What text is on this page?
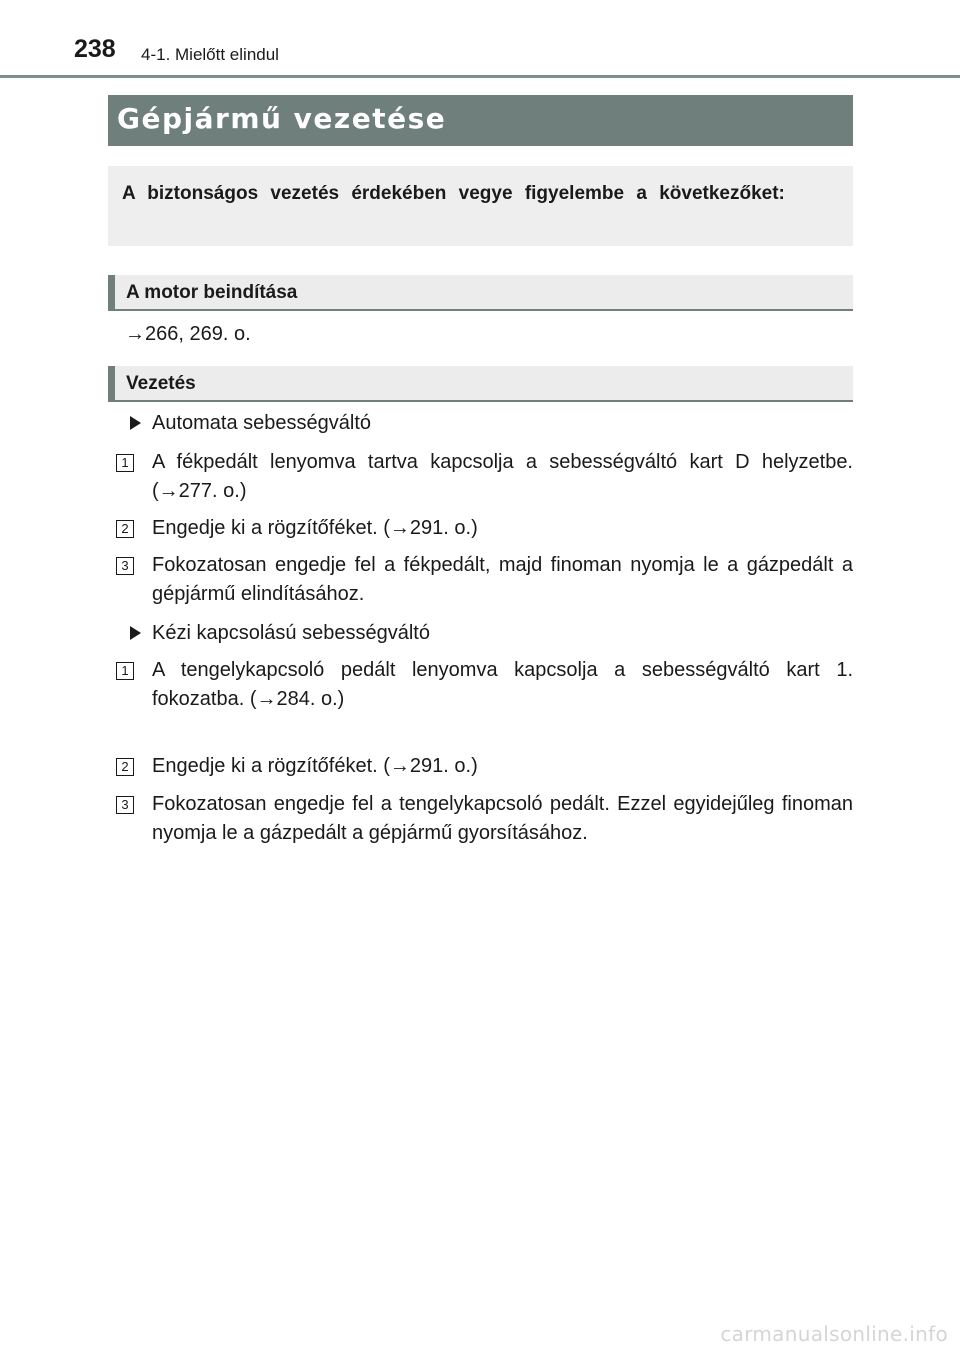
238 4-1. Mielőtt elindul
Gépjármű vezetése
A biztonságos vezetés érdekében vegye figyelembe a következőket:
A motor beindítása
→266, 269. o.
Vezetés
Automata sebességváltó
1 A fékpedált lenyomva tartva kapcsolja a sebességváltó kart D helyzetbe. (→277. o.)
2 Engedje ki a rögzítőféket. (→291. o.)
3 Fokozatosan engedje fel a fékpedált, majd finoman nyomja le a gázpedált a gépjármű elindításához.
Kézi kapcsolású sebességváltó
1 A tengelykapcsoló pedált lenyomva kapcsolja a sebességváltó kart 1. fokozatba. (→284. o.)
2 Engedje ki a rögzítőféket. (→291. o.)
3 Fokozatosan engedje fel a tengelykapcsoló pedált. Ezzel egyidejűleg finoman nyomja le a gázpedált a gépjármű gyorsításához.
carmanualsonline.info
